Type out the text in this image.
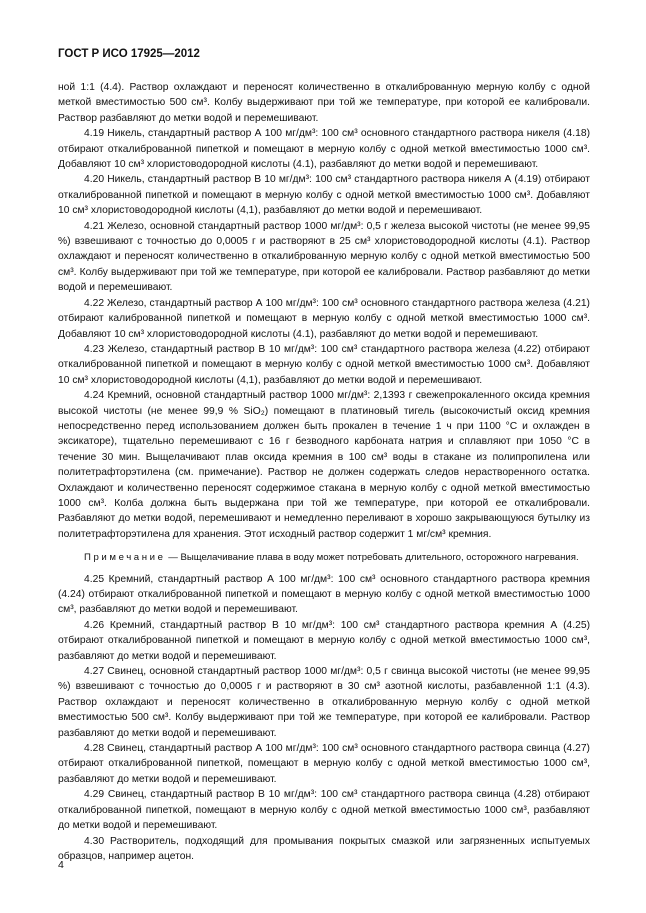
ГОСТ Р ИСО 17925—2012

ной 1:1 (4.4). Раствор охлаждают и переносят количественно в откалиброванную мерную колбу с одной меткой вместимостью 500 см³. Колбу выдерживают при той же температуре, при которой ее калибровали. Раствор разбавляют до метки водой и перемешивают.

4.19 Никель, стандартный раствор А 100 мг/дм³: 100 см³ основного стандартного раствора никеля (4.18) отбирают откалиброванной пипеткой и помещают в мерную колбу с одной меткой вместимостью 1000 см³. Добавляют 10 см³ хлористоводородной кислоты (4.1), разбавляют до метки водой и перемешивают.

4.20 Никель, стандартный раствор В 10 мг/дм³: 100 см³ стандартного раствора никеля А (4.19) отбирают откалиброванной пипеткой и помещают в мерную колбу с одной меткой вместимостью 1000 см³. Добавляют 10 см³ хлористоводородной кислоты (4,1), разбавляют до метки водой и перемешивают.

4.21 Железо, основной стандартный раствор 1000 мг/дм³: 0,5 г железа высокой чистоты (не менее 99,95 %) взвешивают с точностью до 0,0005 г и растворяют в 25 см³ хлористоводородной кислоты (4.1). Раствор охлаждают и переносят количественно в откалиброванную мерную колбу с одной меткой вместимостью 500 см³. Колбу выдерживают при той же температуре, при которой ее калибровали. Раствор разбавляют до метки водой и перемешивают.

4.22 Железо, стандартный раствор А 100 мг/дм³: 100 см³ основного стандартного раствора железа (4.21) отбирают калиброванной пипеткой и помещают в мерную колбу с одной меткой вместимостью 1000 см³. Добавляют 10 см³ хлористоводородной кислоты (4.1), разбавляют до метки водой и перемешивают.

4.23 Железо, стандартный раствор В 10 мг/дм³: 100 см³ стандартного раствора железа (4.22) отбирают откалиброванной пипеткой и помещают в мерную колбу с одной меткой вместимостью 1000 см³. Добавляют 10 см³ хлористоводородной кислоты (4,1), разбавляют до метки водой и перемешивают.

4.24 Кремний, основной стандартный раствор 1000 мг/дм³: 2,1393 г свежепрокаленного оксида кремния высокой чистоты (не менее 99,9 % SiO₂) помещают в платиновый тигель (высокочистый оксид кремния непосредственно перед использованием должен быть прокален в течение 1 ч при 1100 °С и охлажден в эксикаторе), тщательно перемешивают с 16 г безводного карбоната натрия и сплавляют при 1050 °С в течение 30 мин. Выщелачивают плав оксида кремния в 100 см³ воды в стакане из полипропилена или политетрафторэтилена (см. примечание). Раствор не должен содержать следов нерастворенного остатка. Охлаждают и количественно переносят содержимое стакана в мерную колбу с одной меткой вместимостью 1000 см³. Колба должна быть выдержана при той же температуре, при которой ее откалибровали. Разбавляют до метки водой, перемешивают и немедленно переливают в хорошо закрывающуюся бутылку из политетрафторэтилена для хранения. Этот исходный раствор содержит 1 мг/см³ кремния.

Примечание — Выщелачивание плава в воду может потребовать длительного, осторожного нагревания.

4.25 Кремний, стандартный раствор А 100 мг/дм³: 100 см³ основного стандартного раствора кремния (4.24) отбирают откалиброванной пипеткой и помещают в мерную колбу с одной меткой вместимостью 1000 см³, разбавляют до метки водой и перемешивают.

4.26 Кремний, стандартный раствор В 10 мг/дм³: 100 см³ стандартного раствора кремния А (4.25) отбирают откалиброванной пипеткой и помещают в мерную колбу с одной меткой вместимостью 1000 см³, разбавляют до метки водой и перемешивают.

4.27 Свинец, основной стандартный раствор 1000 мг/дм³: 0,5 г свинца высокой чистоты (не менее 99,95 %) взвешивают с точностью до 0,0005 г и растворяют в 30 см³ азотной кислоты, разбавленной 1:1 (4.3). Раствор охлаждают и переносят количественно в откалиброванную мерную колбу с одной меткой вместимостью 500 см³. Колбу выдерживают при той же температуре, при которой ее калибровали. Раствор разбавляют до метки водой и перемешивают.

4.28 Свинец, стандартный раствор А 100 мг/дм³: 100 см³ основного стандартного раствора свинца (4.27) отбирают откалиброванной пипеткой, помещают в мерную колбу с одной меткой вместимостью 1000 см³, разбавляют до метки водой и перемешивают.

4.29 Свинец, стандартный раствор В 10 мг/дм³: 100 см³ стандартного раствора свинца (4.28) отбирают откалиброванной пипеткой, помещают в мерную колбу с одной меткой вместимостью 1000 см³, разбавляют до метки водой и перемешивают.

4.30 Растворитель, подходящий для промывания покрытых смазкой или загрязненных испытуемых образцов, например ацетон.

4
